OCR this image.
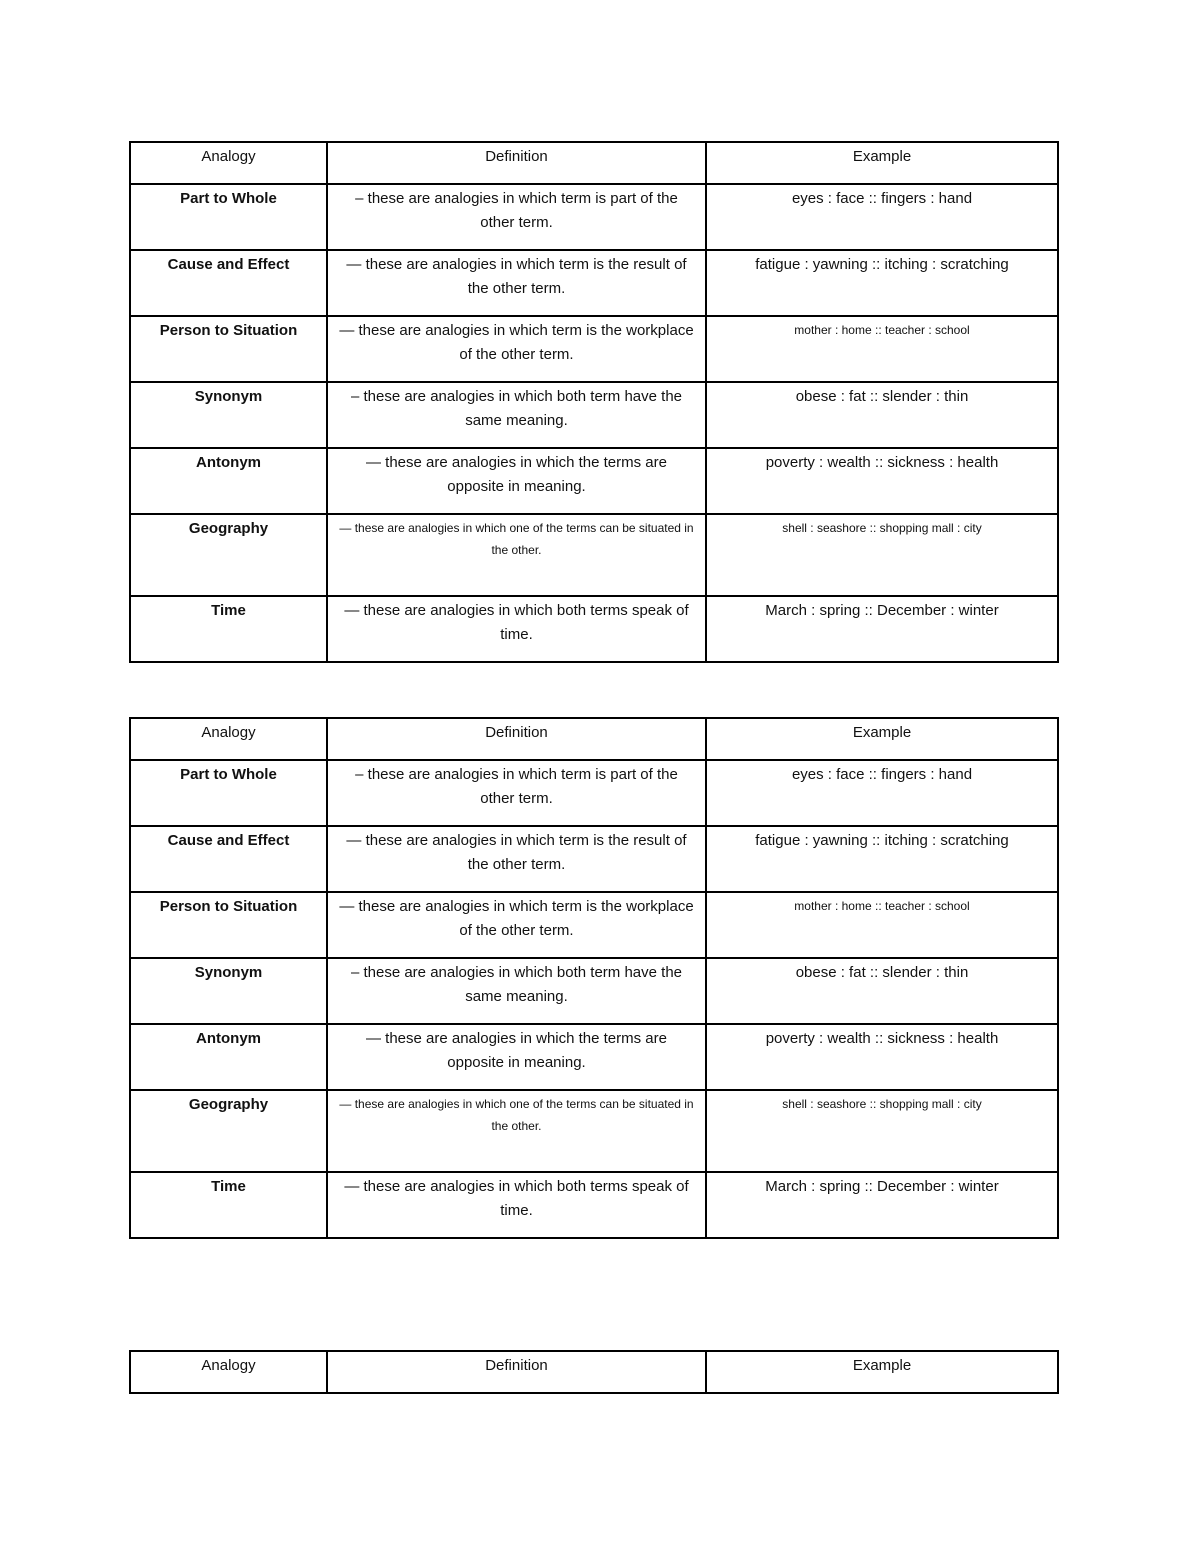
Analogy	Definition	Example
Part to Whole	– these are analogies in which term is part of the other term.	eyes : face :: fingers : hand
Cause and Effect	— these are analogies in which term is the result of the other term.	fatigue : yawning :: itching : scratching
Person to Situation	— these are analogies in which term is the workplace of the other term.	mother : home :: teacher : school
Synonym	– these are analogies in which both term have the same meaning.	obese : fat :: slender : thin
Antonym	— these are analogies in which the terms are opposite in meaning.	poverty : wealth :: sickness : health
Geography	— these are analogies in which one of the terms can be situated in the other.	shell : seashore :: shopping mall : city
Time	— these are analogies in which both terms speak of time.	March : spring :: December : winter
Analogy	Definition	Example
Part to Whole	– these are analogies in which term is part of the other term.	eyes : face :: fingers : hand
Cause and Effect	— these are analogies in which term is the result of the other term.	fatigue : yawning :: itching : scratching
Person to Situation	— these are analogies in which term is the workplace of the other term.	mother : home :: teacher : school
Synonym	– these are analogies in which both term have the same meaning.	obese : fat :: slender : thin
Antonym	— these are analogies in which the terms are opposite in meaning.	poverty : wealth :: sickness : health
Geography	— these are analogies in which one of the terms can be situated in the other.	shell : seashore :: shopping mall : city
Time	— these are analogies in which both terms speak of time.	March : spring :: December : winter
Analogy	Definition	Example
